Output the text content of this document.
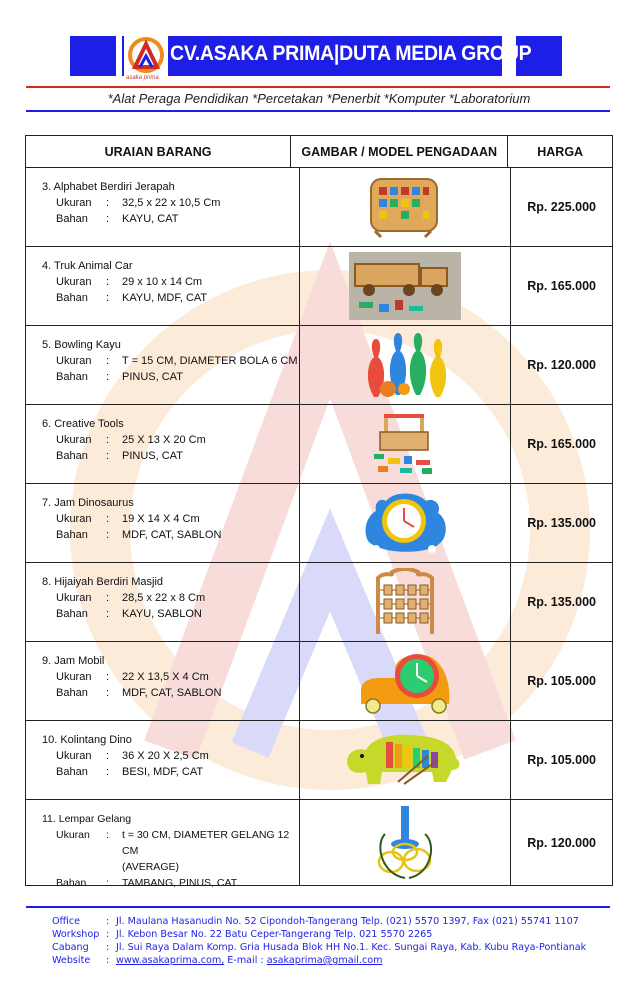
asaka prima
CV.ASAKA PRIMA|DUTA MEDIA GROUP
*Alat Peraga Pendidikan *Percetakan *Penerbit *Komputer *Laboratorium
URAIAN BARANG	GAMBAR / MODEL PENGADAAN	HARGA
3. Alphabet Berdiri Jerapah
Ukuran	:	32,5 x 22 x 10,5 Cm
Bahan	:	KAYU, CAT
Rp. 225.000
4. Truk Animal Car
Ukuran	:	29 x 10 x 14 Cm
Bahan	:	KAYU, MDF, CAT
Rp. 165.000
5. Bowling Kayu
Ukuran	:	T = 15 CM, DIAMETER BOLA 6 CM
Bahan	:	PINUS, CAT
Rp. 120.000
6. Creative Tools
Ukuran	:	25 X 13 X 20 Cm
Bahan	:	PINUS, CAT
Rp. 165.000
7. Jam Dinosaurus
Ukuran	:	19 X 14 X 4 Cm
Bahan	:	MDF, CAT, SABLON
Rp. 135.000
8. Hijaiyah Berdiri Masjid
Ukuran	:	28,5 x 22 x 8 Cm
Bahan	:	KAYU, SABLON
Rp. 135.000
9. Jam Mobil
Ukuran	:	22 X 13,5 X 4 Cm
Bahan	:	MDF, CAT, SABLON
Rp. 105.000
10. Kolintang Dino
Ukuran	:	36 X 20 X 2,5 Cm
Bahan	:	BESI, MDF, CAT
Rp. 105.000
11. Lempar Gelang
Ukuran	:	t = 30 CM, DIAMETER GELANG 12 CM
(AVERAGE)
Bahan	:	TAMBANG, PINUS, CAT
Rp. 120.000
Office	: Jl. Maulana Hasanudin No. 52 Cipondoh-Tangerang Telp. (021) 5570 1397, Fax (021) 55741 1107
Workshop : Jl. Kebon Besar No. 22 Batu Ceper-Tangerang Telp. 021 5570 2265
Cabang	: Jl. Sui Raya Dalam Komp. Gria Husada Blok HH No.1. Kec. Sungai Raya, Kab. Kubu Raya-Pontianak
Website	: www.asakaprima.com, E-mail : asakaprima@gmail.com
